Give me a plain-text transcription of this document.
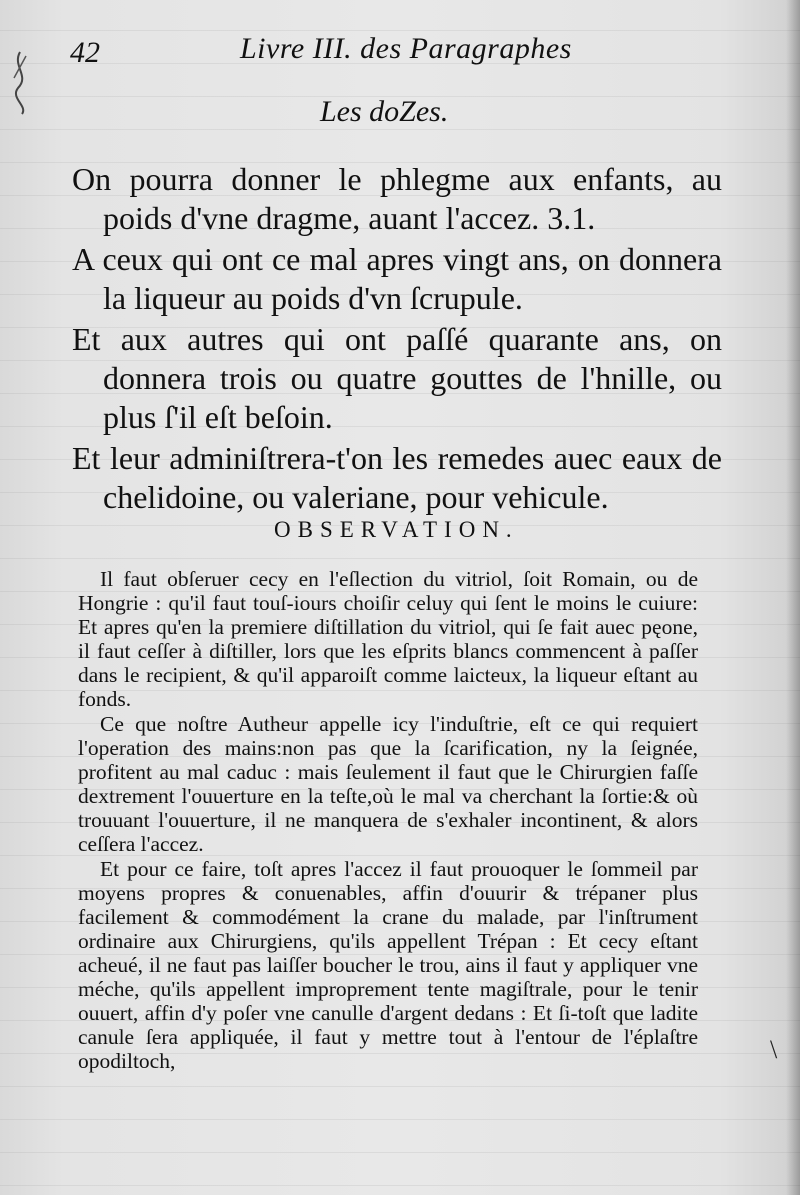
42	Livre III. des Paragraphes
Les doZes.

On pourra donner le phlegme aux enfants, au poids d'vne dragme, auant l'accez. 3.1.

A ceux qui ont ce mal apres vingt ans, on donnera la liqueur au poids d'vn ſcrupule.

Et aux autres qui ont paſſé quarante ans, on donnera trois ou quatre gouttes de l'hnille, ou plus ſ'il eſt beſoin.

Et leur adminiſtrera-t'on les remedes auec eaux de chelidoine, ou valeriane, pour vehicule.

OBSERVATION.

Il faut obſeruer cecy en l'eſlection du vitriol, ſoit Romain, ou de Hongrie : qu'il faut touſ-iours choiſir celuy qui ſent le moins le cuiure: Et apres qu'en la premiere diſtillation du vitriol, qui ſe fait auec pęone, il faut ceſſer à diſtiller, lors que les eſprits blancs commencent à paſſer dans le recipient, & qu'il apparoiſt comme laicteux, la liqueur eſtant au fonds.

Ce que noſtre Autheur appelle icy l'induſtrie, eſt ce qui requiert l'operation des mains:non pas que la ſcarification, ny la ſeignée, profitent au mal caduc : mais ſeulement il faut que le Chirurgien faſſe dextrement l'ouuerture en la teſte,où le mal va cherchant la ſortie:& où trouuant l'ouuerture, il ne manquera de s'exhaler incontinent, & alors ceſſera l'accez.

Et pour ce faire, toſt apres l'accez il faut prouoquer le ſommeil par moyens propres & conuenables, affin d'ouurir & trépaner plus facilement & commodément la crane du malade, par l'inſtrument ordinaire aux Chirurgiens, qu'ils appellent Trépan : Et cecy eſtant acheué, il ne faut pas laiſſer boucher le trou, ains il faut y appliquer vne méche, qu'ils appellent improprement tente magiſtrale, pour le tenir ouuert, affin d'y poſer vne canulle d'argent dedans : Et ſi-toſt que ladite canule ſera appliquée, il faut y mettre tout à l'entour de l'éplaſtre opodiltoch,	\
